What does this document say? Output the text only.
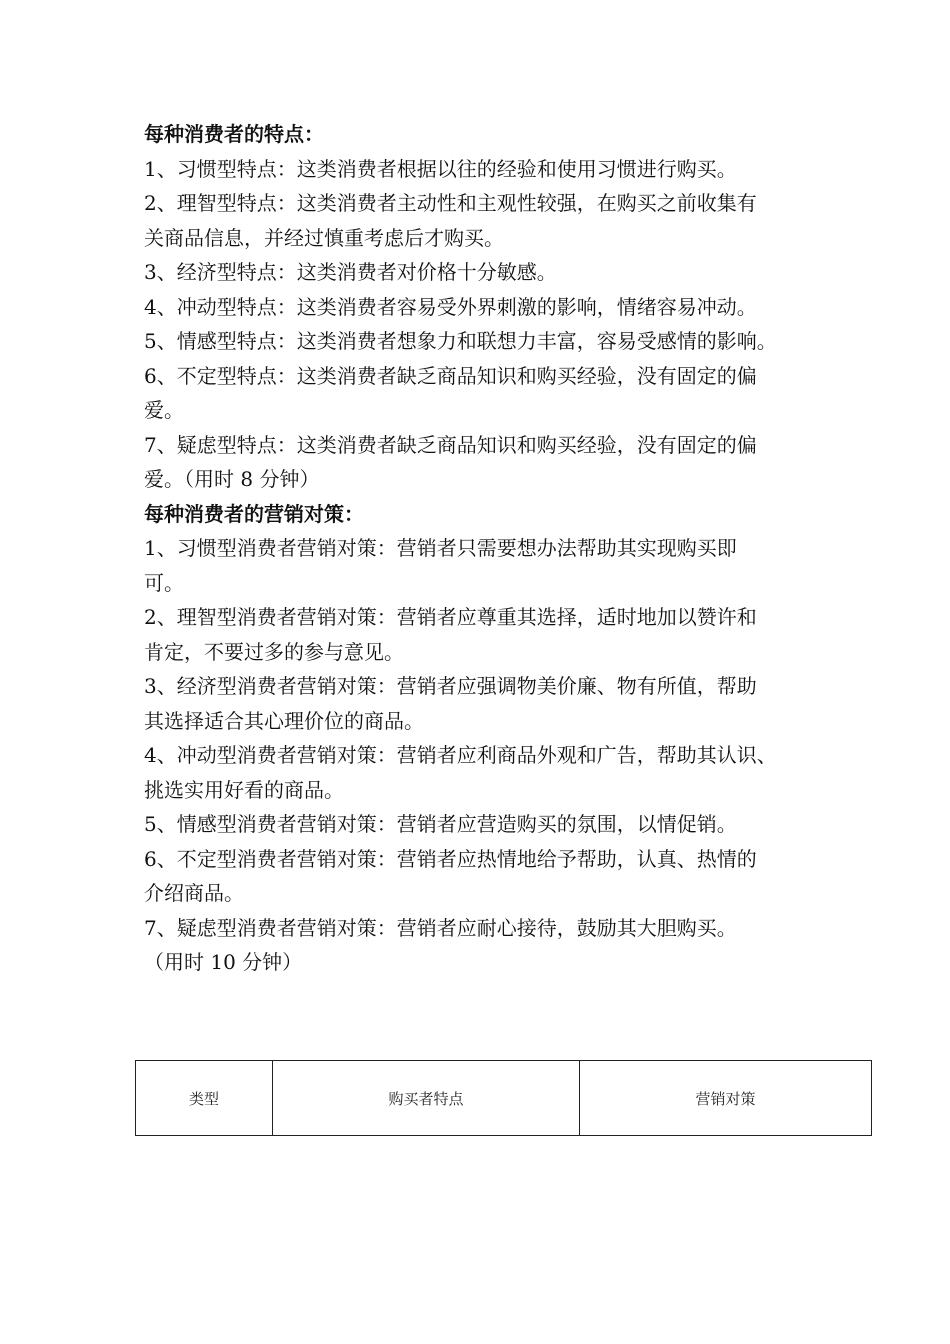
每种消费者的特点：

1、习惯型特点：这类消费者根据以往的经验和使用习惯进行购买。

2、理智型特点：这类消费者主动性和主观性较强，在购买之前收集有

关商品信息，并经过慎重考虑后才购买。

3、经济型特点：这类消费者对价格十分敏感。

4、冲动型特点：这类消费者容易受外界刺激的影响，情绪容易冲动。

5、情感型特点：这类消费者想象力和联想力丰富，容易受感情的影响。

6、不定型特点：这类消费者缺乏商品知识和购买经验，没有固定的偏

爱。

7、疑虑型特点：这类消费者缺乏商品知识和购买经验，没有固定的偏

爱。（用时 8 分钟）

每种消费者的营销对策：

1、习惯型消费者营销对策：营销者只需要想办法帮助其实现购买即

可。

2、理智型消费者营销对策：营销者应尊重其选择，适时地加以赞许和

肯定，不要过多的参与意见。

3、经济型消费者营销对策：营销者应强调物美价廉、物有所值，帮助

其选择适合其心理价位的商品。

4、冲动型消费者营销对策：营销者应利商品外观和广告，帮助其认识、

挑选实用好看的商品。

5、情感型消费者营销对策：营销者应营造购买的氛围，以情促销。

6、不定型消费者营销对策：营销者应热情地给予帮助，认真、热情的

介绍商品。

7、疑虑型消费者营销对策：营销者应耐心接待，鼓励其大胆购买。

（用时 10 分钟）

类型	购买者特点	营销对策
